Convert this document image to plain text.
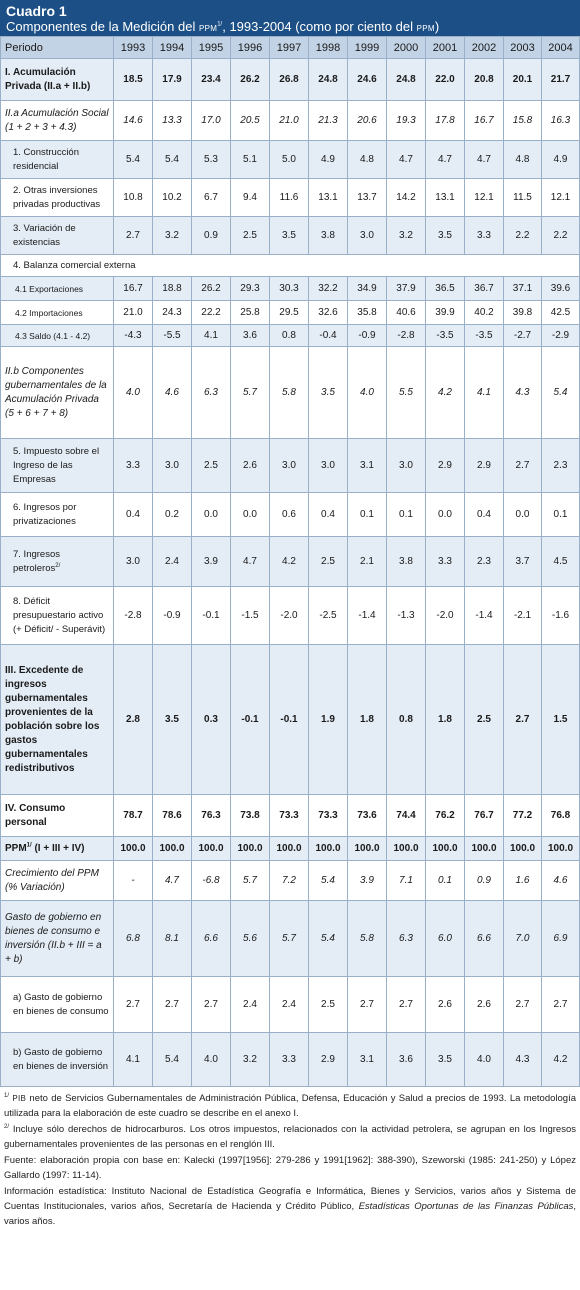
Cuadro 1
Componentes de la Medición del $PPM^{1/}$, 1993-2004 (como por ciento del PPM)
Periodo	1993	1994	1995	1996	1997	1998	1999	2000	2001	2002	2003	2004
I. Acumulación Privada (II.a + II.b)	18.5	17.9	23.4	26.2	26.8	24.8	24.6	24.8	22.0	20.8	20.1	21.7
II.a Acumulación Social (1 + 2 + 3 + 4.3)	14.6	13.3	17.0	20.5	21.0	21.3	20.6	19.3	17.8	16.7	15.8	16.3
1. Construcción residencial	5.4	5.4	5.3	5.1	5.0	4.9	4.8	4.7	4.7	4.7	4.8	4.9
2. Otras inversiones privadas productivas	10.8	10.2	6.7	9.4	11.6	13.1	13.7	14.2	13.1	12.1	11.5	12.1
3. Variación de existencias	2.7	3.2	0.9	2.5	3.5	3.8	3.0	3.2	3.5	3.3	2.2	2.2
4. Balanza comercial externa												
4.1 Exportaciones	16.7	18.8	26.2	29.3	30.3	32.2	34.9	37.9	36.5	36.7	37.1	39.6
4.2 Importaciones	21.0	24.3	22.2	25.8	29.5	32.6	35.8	40.6	39.9	40.2	39.8	42.5
4.3 Saldo (4.1 - 4.2)	-4.3	-5.5	4.1	3.6	0.8	-0.4	-0.9	-2.8	-3.5	-3.5	-2.7	-2.9
II.b Componentes gubernamentales de la Acumulación Privada (5 + 6 + 7 + 8)	4.0	4.6	6.3	5.7	5.8	3.5	4.0	5.5	4.2	4.1	4.3	5.4
5. Impuesto sobre el Ingreso de las Empresas	3.3	3.0	2.5	2.6	3.0	3.0	3.1	3.0	2.9	2.9	2.7	2.3
6. Ingresos por privatizaciones	0.4	0.2	0.0	0.0	0.6	0.4	0.1	0.1	0.0	0.4	0.0	0.1
7. Ingresos petroleros$^{2/}$	3.0	2.4	3.9	4.7	4.2	2.5	2.1	3.8	3.3	2.3	3.7	4.5
8. Déficit presupuestario activo (+ Déficit/ - Superávit)	-2.8	-0.9	-0.1	-1.5	-2.0	-2.5	-1.4	-1.3	-2.0	-1.4	-2.1	-1.6
III. Excedente de ingresos gubernamentales provenientes de la población sobre los gastos gubernamentales redistributivos	2.8	3.5	0.3	-0.1	-0.1	1.9	1.8	0.8	1.8	2.5	2.7	1.5
IV. Consumo personal	78.7	78.6	76.3	73.8	73.3	73.3	73.6	74.4	76.2	76.7	77.2	76.8
$PPM^{1/}$ (I + III + IV)	100.0	100.0	100.0	100.0	100.0	100.0	100.0	100.0	100.0	100.0	100.0	100.0
Crecimiento del PPM (% Variación)	-	4.7	-6.8	5.7	7.2	5.4	3.9	7.1	0.1	0.9	1.6	4.6
Gasto de gobierno en bienes de consumo e inversión (II.b + III = a + b)	6.8	8.1	6.6	5.6	5.7	5.4	5.8	6.3	6.0	6.6	7.0	6.9
a) Gasto de gobierno en bienes de consumo	2.7	2.7	2.7	2.4	2.4	2.5	2.7	2.7	2.6	2.6	2.7	2.7
b) Gasto de gobierno en bienes de inversión	4.1	5.4	4.0	3.2	3.3	2.9	3.1	3.6	3.5	4.0	4.3	4.2

$^{1/}$ PIB neto de Servicios Gubernamentales de Administración Pública, Defensa, Educación y Salud a precios de 1993. La metodología utilizada para la elaboración de este cuadro se describe en el anexo I.

$^{2/}$ Incluye sólo derechos de hidrocarburos. Los otros impuestos, relacionados con la actividad petrolera, se agrupan en los Ingresos gubernamentales provenientes de las personas en el renglón III.

Fuente: elaboración propia con base en: Kalecki (1997[1956]: 279-286 y 1991[1962]: 388-390), Szeworski (1985: 241-250) y López Gallardo (1997: 11-14).

Información estadística: Instituto Nacional de Estadística Geografía e Informática, Bienes y Servicios, varios años y Sistema de Cuentas Institucionales, varios años, Secretaría de Hacienda y Crédito Público, Estadísticas Oportunas de las Finanzas Públicas, varios años.
